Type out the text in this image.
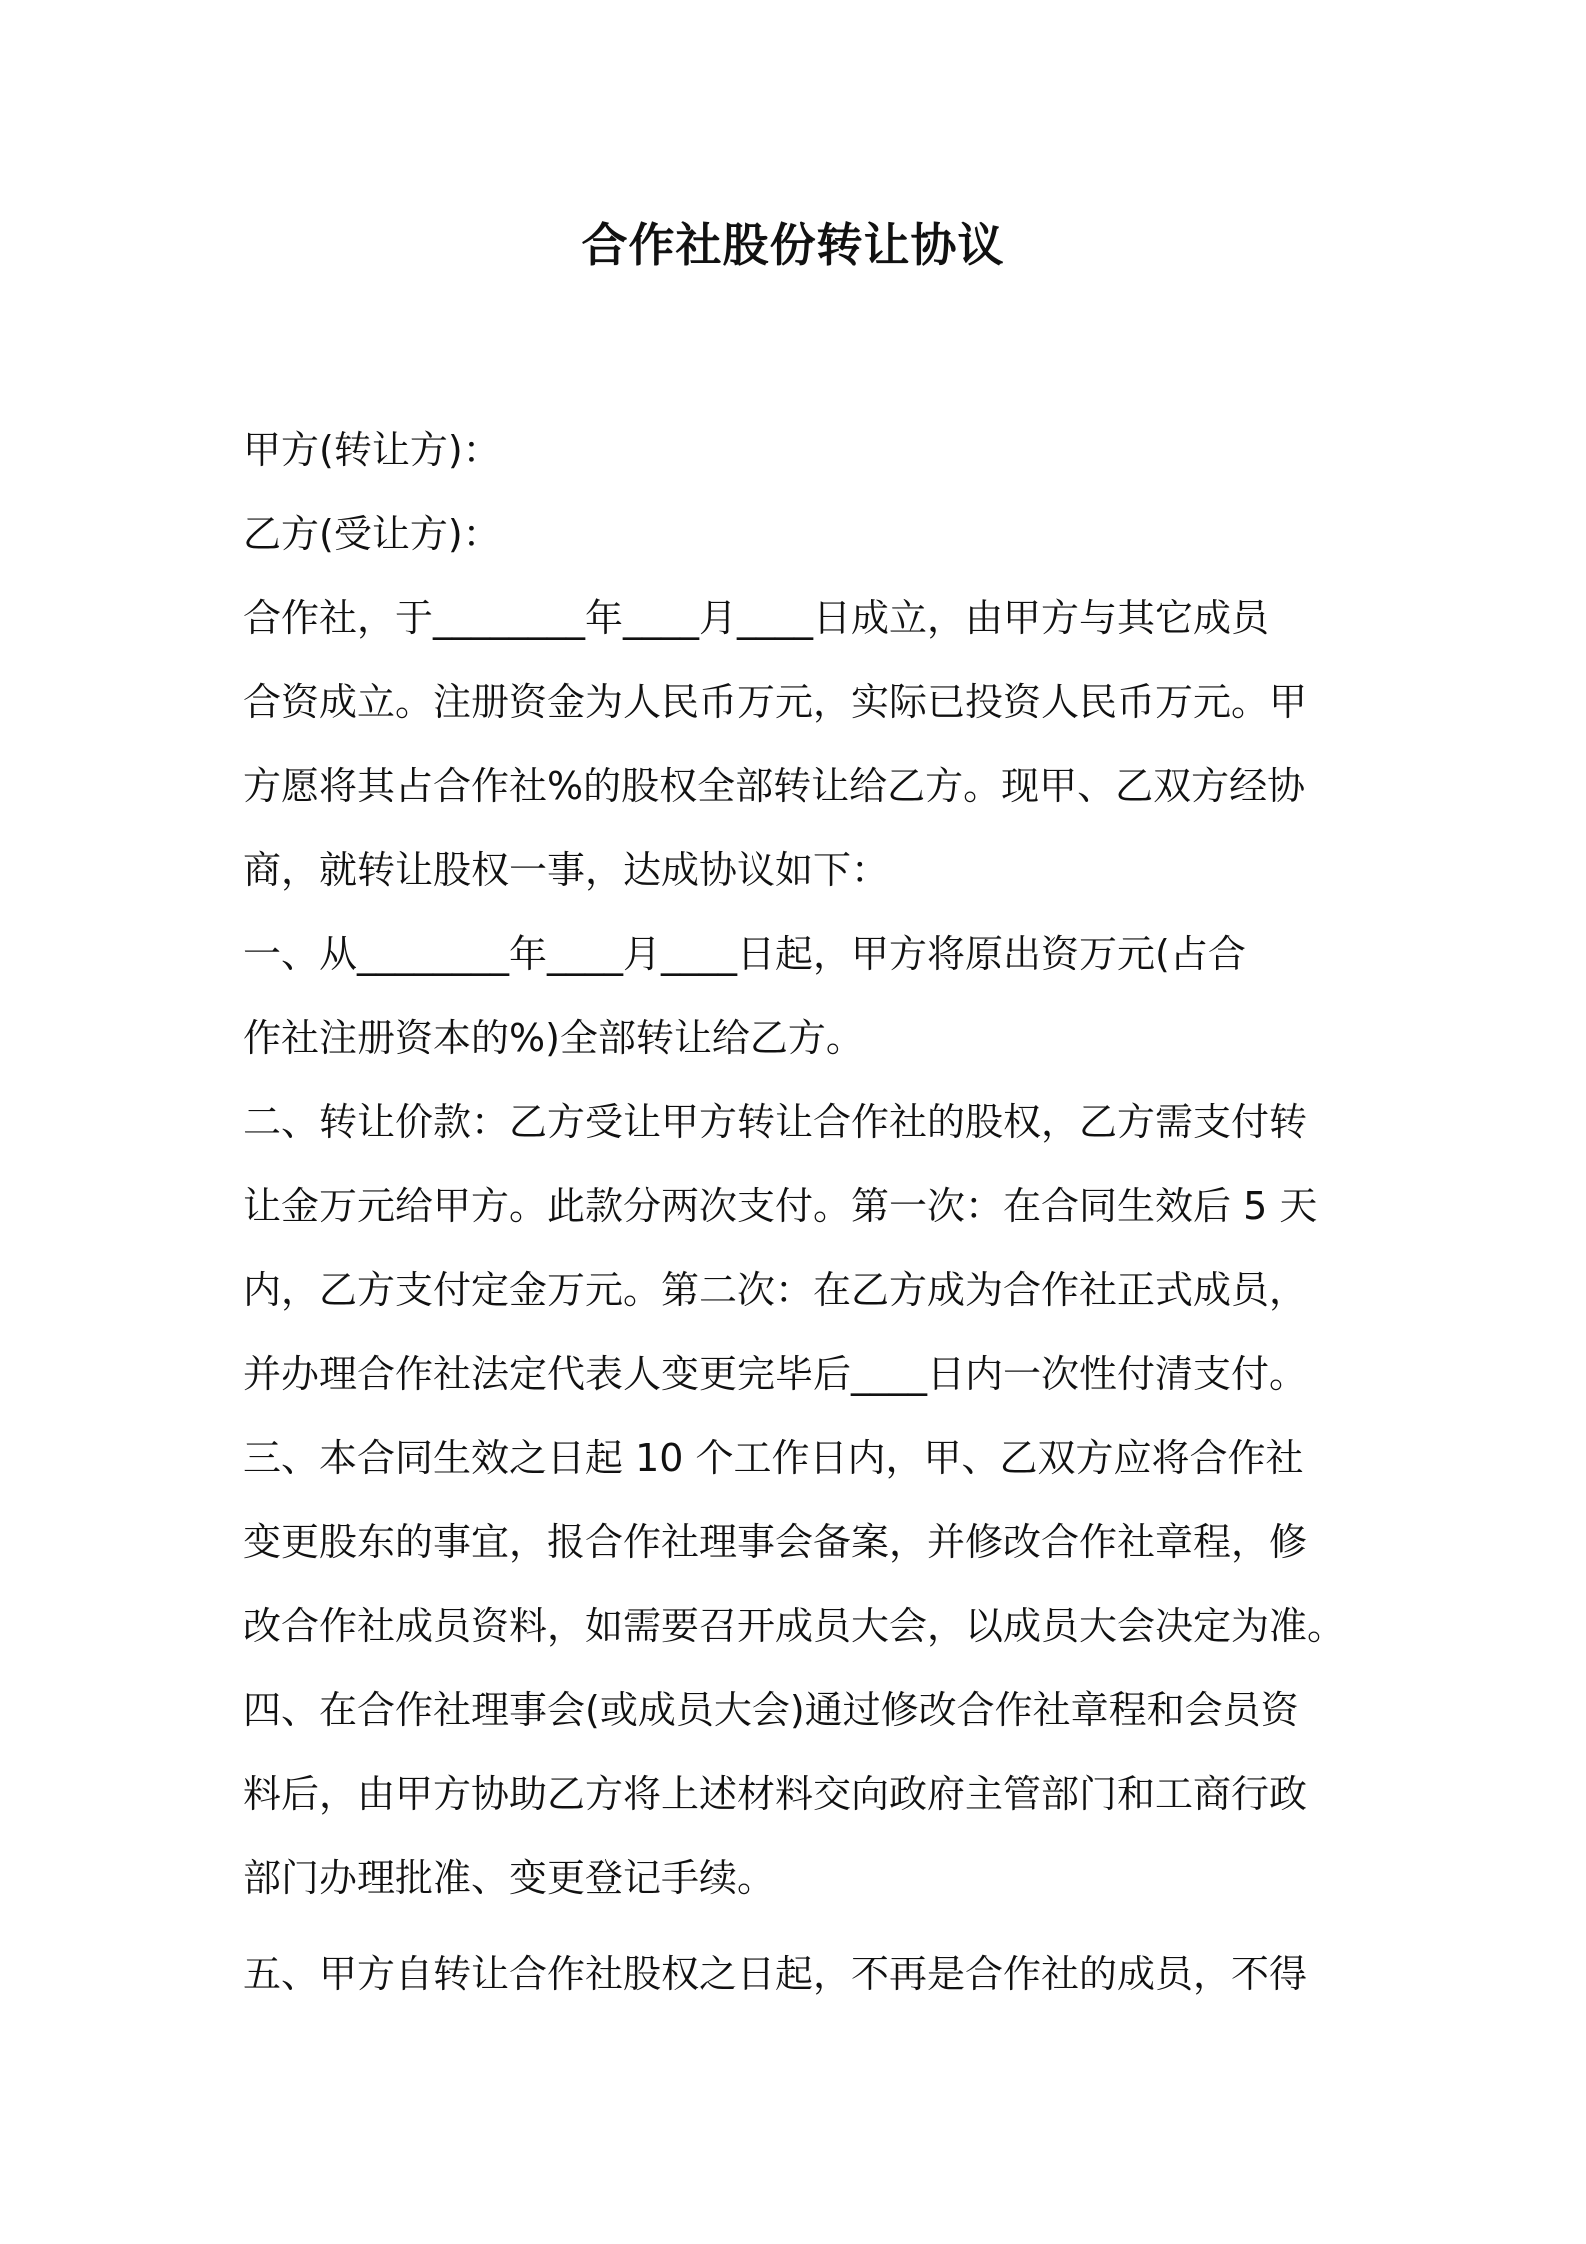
合作社股份转让协议
甲方(转让方)：
乙方(受让方)：
合作社，于________年____月____日成立，由甲方与其它成员
合资成立。注册资金为人民币万元，实际已投资人民币万元。甲
方愿将其占合作社%的股权全部转让给乙方。现甲、乙双方经协
商，就转让股权一事，达成协议如下：
一、从________年____月____日起，甲方将原出资万元(占合
作社注册资本的%)全部转让给乙方。
二、转让价款：乙方受让甲方转让合作社的股权，乙方需支付转
让金万元给甲方。此款分两次支付。第一次：在合同生效后 5 天
内，乙方支付定金万元。第二次：在乙方成为合作社正式成员，
并办理合作社法定代表人变更完毕后____日内一次性付清支付。
三、本合同生效之日起 10 个工作日内，甲、乙双方应将合作社
变更股东的事宜，报合作社理事会备案，并修改合作社章程，修
改合作社成员资料，如需要召开成员大会，以成员大会决定为准。
四、在合作社理事会(或成员大会)通过修改合作社章程和会员资
料后，由甲方协助乙方将上述材料交向政府主管部门和工商行政
部门办理批准、变更登记手续。
五、甲方自转让合作社股权之日起，不再是合作社的成员，不得
